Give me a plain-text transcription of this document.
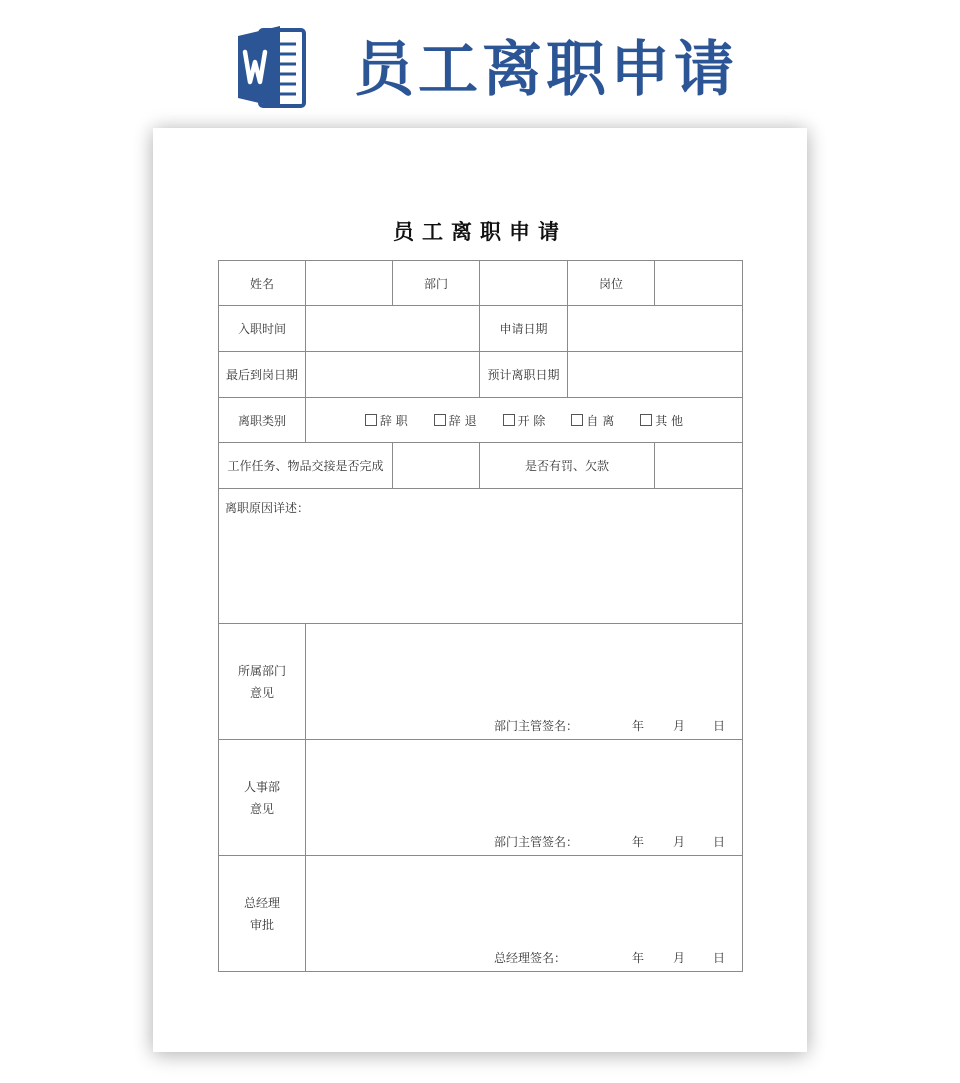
员工离职申请
员工离职申请
姓名	部门	岗位
入职时间	申请日期
最后到岗日期	预计离职日期
离职类别	辞 职	辞 退	开 除	自 离	其 他
工作任务、物品交接是否完成	是否有罚、欠款
离职原因详述：
所属部门
意见
部门主管签名：	年 月 日
人事部
意见
部门主管签名：	年 月 日
总经理
审批
总经理签名：	年 月 日
